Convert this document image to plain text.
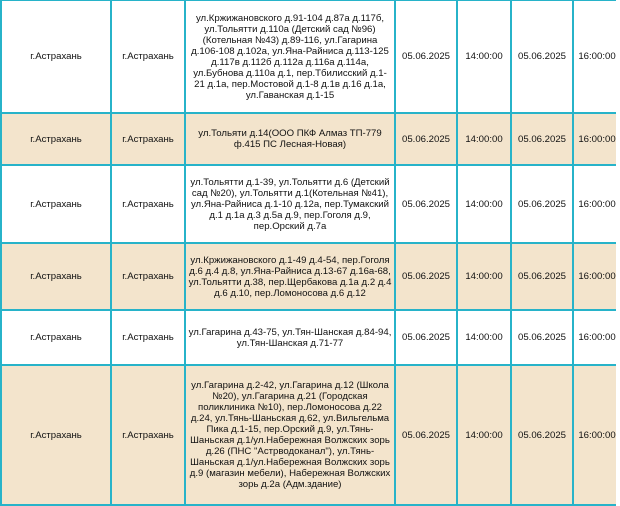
г.Астрахань	г.Астрахань	ул.Кржижановского д.91-104 д.87а д.117б, ул.Тольятти д.110а (Детский сад №96) (Котельная №43) д.89-116, ул.Гагарина д.106-108 д.102а, ул.Яна-Райниса д.113-125 д.117в д.112б д.112а д.116а д.114а, ул.Бубнова д.110а д.1, пер.Тбилисский д.1-21 д.1а, пер.Мостовой д.1-8 д.1в д.16 д.1а, ул.Гаванская д.1-15	05.06.2025	14:00:00	05.06.2025	16:00:00
г.Астрахань	г.Астрахань	ул.Тольяти д.14(ООО ПКФ Алмаз ТП-779 ф.415 ПС Лесная-Новая)	05.06.2025	14:00:00	05.06.2025	16:00:00
г.Астрахань	г.Астрахань	ул.Тольятти д.1-39, ул.Тольятти д.6 (Детский сад №20), ул.Тольятти д.1(Котельная №41), ул.Яна-Райниса д.1-10 д.12а, пер.Тумакский д.1 д.1а д.3 д.5а д.9, пер.Гоголя д.9, пер.Орский д.7а	05.06.2025	14:00:00	05.06.2025	16:00:00
г.Астрахань	г.Астрахань	ул.Кржижановского д.1-49 д.4-54, пер.Гоголя д.6 д.4 д.8, ул.Яна-Райниса д.13-67 д.16а-68, ул.Тольятти д.38, пер.Щербакова д.1а д.2 д.4 д.6 д.10, пер.Ломоносова д.6 д.12	05.06.2025	14:00:00	05.06.2025	16:00:00
г.Астрахань	г.Астрахань	ул.Гагарина д.43-75, ул.Тян-Шанская д.84-94, ул.Тян-Шанская д.71-77	05.06.2025	14:00:00	05.06.2025	16:00:00
г.Астрахань	г.Астрахань	ул.Гагарина д.2-42, ул.Гагарина д.12 (Школа №20), ул.Гагарина д.21 (Городская поликлиника №10), пер.Ломоносова д.22 д.24, ул.Тянь-Шаньская д.62, ул.Вильгельма Пика д.1-15, пер.Орский д.9, ул.Тянь-Шаньская д.1/ул.Набережная Волжских зорь д.26 (ПНС "Астрводоканал"), ул.Тянь-Шаньская д.1/ул.Набережная Волжских зорь д.9 (магазин мебели), Набережная Волжских зорь д.2а (Адм.здание)	05.06.2025	14:00:00	05.06.2025	16:00:00
